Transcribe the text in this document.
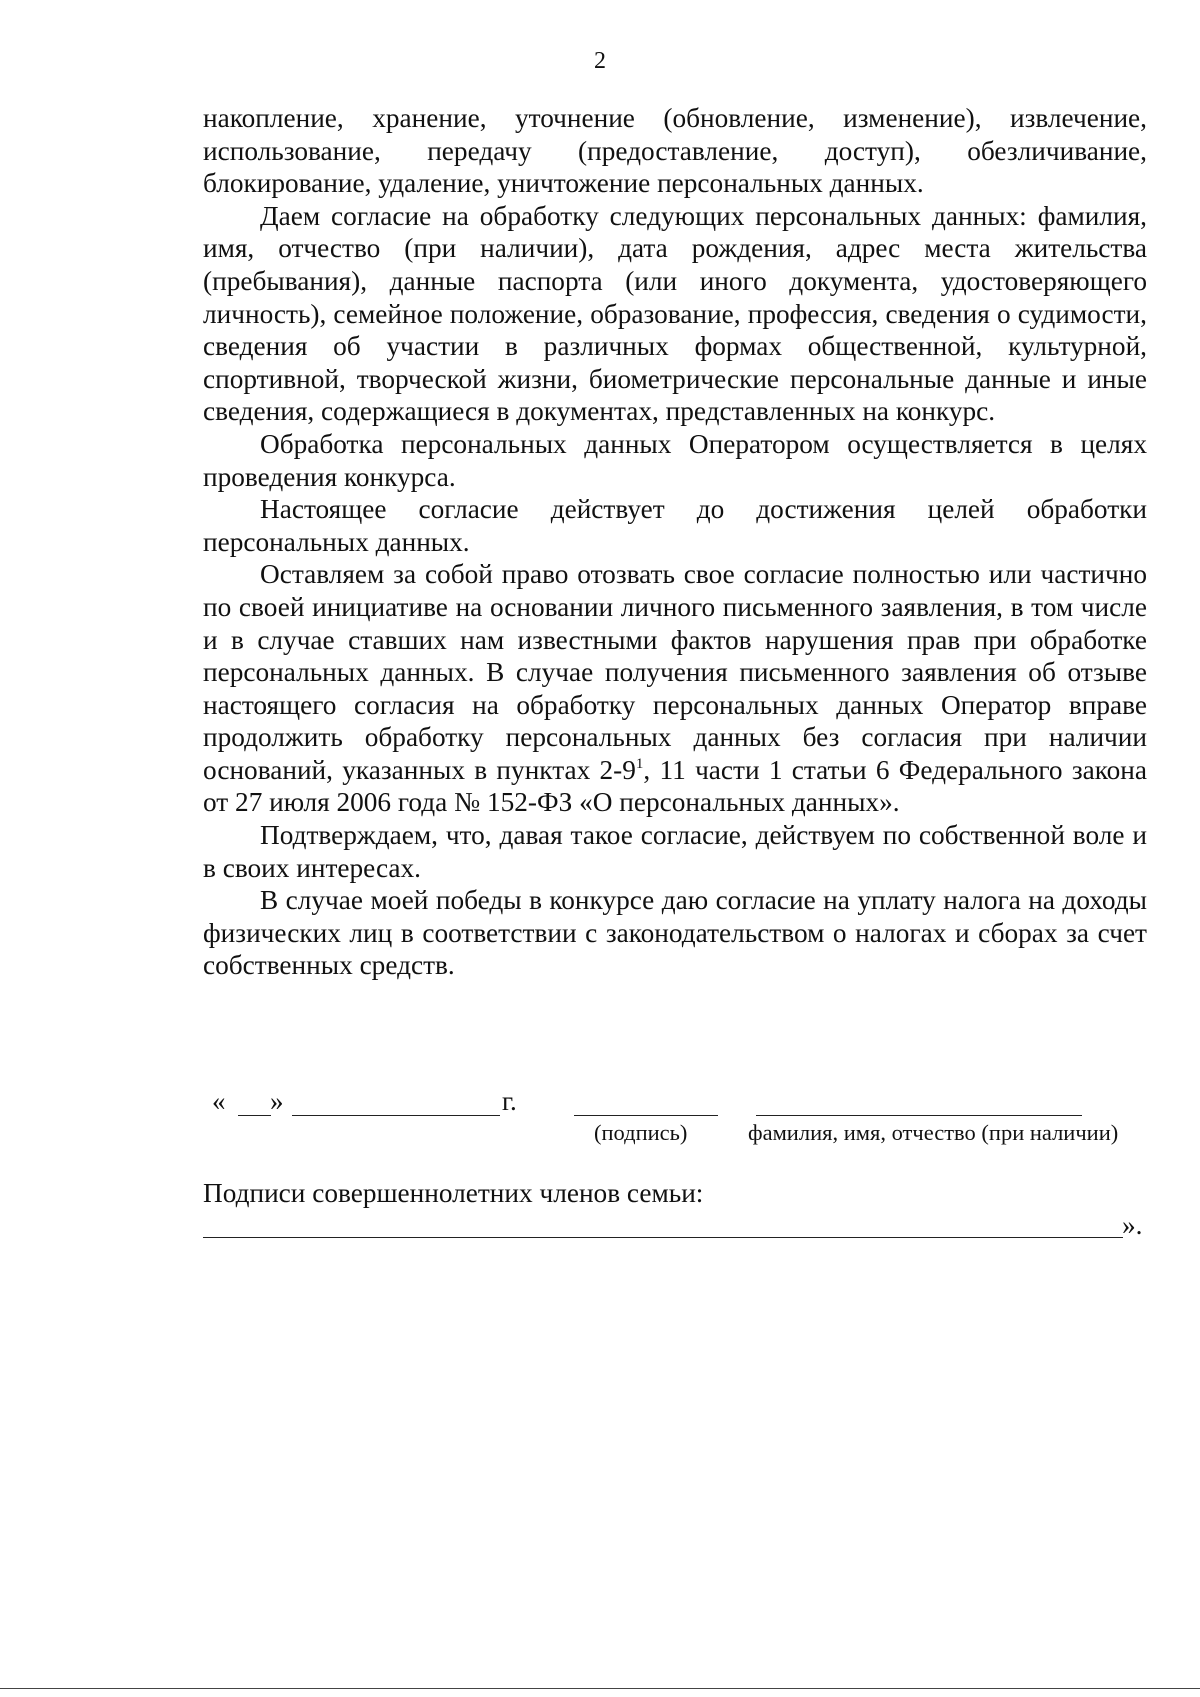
2

накопление, хранение, уточнение (обновление, изменение), извлечение, использование, передачу (предоставление, доступ), обезличивание, блокирование, удаление, уничтожение персональных данных.

Даем согласие на обработку следующих персональных данных: фамилия, имя, отчество (при наличии), дата рождения, адрес места жительства (пребывания), данные паспорта (или иного документа, удостоверяющего личность), семейное положение, образование, профессия, сведения о судимости, сведения об участии в различных формах общественной, культурной, спортивной, творческой жизни, биометрические персональные данные и иные сведения, содержащиеся в документах, представленных на конкурс.

Обработка персональных данных Оператором осуществляется в целях проведения конкурса.

Настоящее согласие действует до достижения целей обработки персональных данных.

Оставляем за собой право отозвать свое согласие полностью или частично по своей инициативе на основании личного письменного заявления, в том числе и в случае ставших нам известными фактов нарушения прав при обработке персональных данных. В случае получения письменного заявления об отзыве настоящего согласия на обработку персональных данных Оператор вправе продолжить обработку персональных данных без согласия при наличии оснований, указанных в пунктах $2-9^1$, 11 части 1 статьи 6 Федерального закона от 27 июля 2006 года № 152-ФЗ «О персональных данных».

Подтверждаем, что, давая такое согласие, действуем по собственной воле и в своих интересах.

В случае моей победы в конкурсе даю согласие на уплату налога на доходы физических лиц в соответствии с законодательством о налогах и сборах за счет собственных средств.

« »	г.
(подпись)	фамилия, имя, отчество (при наличии)
Подписи совершеннолетних членов семьи:
».
